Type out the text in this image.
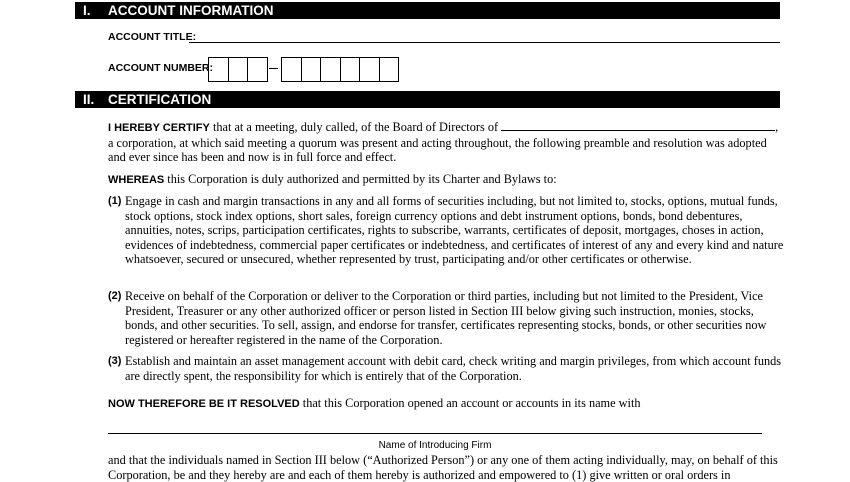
I. ACCOUNT INFORMATION
ACCOUNT TITLE:
ACCOUNT NUMBER:
II. CERTIFICATION
I HEREBY CERTIFY that at a meeting, duly called, of the Board of Directors of	,
a corporation, at which said meeting a quorum was present and acting throughout, the following preamble and resolution was adopted and ever since has been and now is in full force and effect.
WHEREAS this Corporation is duly authorized and permitted by its Charter and Bylaws to:
(1) Engage in cash and margin transactions in any and all forms of securities including, but not limited to, stocks, options, mutual funds, stock options, stock index options, short sales, foreign currency options and debt instrument options, bonds, bond debentures, annuities, notes, scrips, participation certificates, rights to subscribe, warrants, certificates of deposit, mortgages, choses in action, evidences of indebtedness, commercial paper certificates or indebtedness, and certificates of interest of any and every kind and nature whatsoever, secured or unsecured, whether represented by trust, participating and/or other certificates or otherwise.
(2) Receive on behalf of the Corporation or deliver to the Corporation or third parties, including but not limited to the President, Vice President, Treasurer or any other authorized officer or person listed in Section III below giving such instruction, monies, stocks, bonds, and other securities. To sell, assign, and endorse for transfer, certificates representing stocks, bonds, or other securities now registered or hereafter registered in the name of the Corporation.
(3) Establish and maintain an asset management account with debit card, check writing and margin privileges, from which account funds are directly spent, the responsibility for which is entirely that of the Corporation.
NOW THEREFORE BE IT RESOLVED that this Corporation opened an account or accounts in its name with
Name of Introducing Firm
and that the individuals named in Section III below (“Authorized Person”) or any one of them acting individually, may, on behalf of this Corporation, be and they hereby are and each of them hereby is authorized and empowered to (1) give written or oral orders in
